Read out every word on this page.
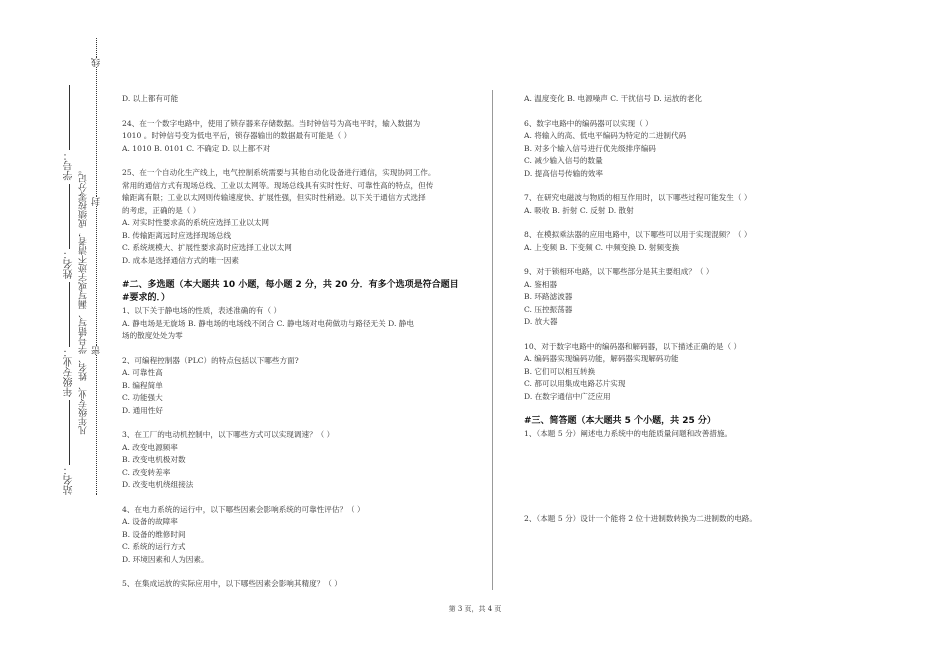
站名： 年级专业： 姓名： 学号： 凡年级专业、姓名、学号错写、漏写或字迹不清者，成绩按零分记。 密封线
D. 以上都有可能
24、在一个数字电路中，使用了锁存器来存储数据。当时钟信号为高电平时，输入数据为
1010 。时钟信号变为低电平后，锁存器输出的数据最有可能是（ ）
A. 1010 B. 0101 C. 不确定 D. 以上都不对
25、在一个自动化生产线上，电气控制系统需要与其他自动化设备进行通信，实现协同工作。
常用的通信方式有现场总线、工业以太网等。现场总线具有实时性好、可靠性高的特点，但传
输距离有限；工业以太网则传输速度快、扩展性强，但实时性稍逊。以下关于通信方式选择
的考虑，正确的是（ ）
A. 对实时性要求高的系统应选择工业以太网
B. 传输距离远时应选择现场总线
C. 系统规模大、扩展性要求高时应选择工业以太网
D. 成本是选择通信方式的唯一因素
#二、多选题（本大题共 10 小题，每小题 2 分，共 20 分．有多个选项是符合题目
#要求的．）
1、以下关于静电场的性质，表述准确的有（ ）
A. 静电场是无旋场 B. 静电场的电场线不闭合 C. 静电场对电荷做功与路径无关 D. 静电
场的散度处处为零
2、可编程控制器（PLC）的特点包括以下哪些方面?
A. 可靠性高
B. 编程简单
C. 功能强大
D. 通用性好
3、在工厂的电动机控制中，以下哪些方式可以实现调速？（ ）
A. 改变电源频率
B. 改变电机极对数
C. 改变转差率
D. 改变电机绕组接法
4、在电力系统的运行中，以下哪些因素会影响系统的可靠性评估？（ ）
A. 设备的故障率
B. 设备的维修时间
C. 系统的运行方式
D. 环境因素和人为因素。
5、在集成运放的实际应用中，以下哪些因素会影响其精度？（ ）
A. 温度变化 B. 电源噪声 C. 干扰信号 D. 运放的老化
6、数字电路中的编码器可以实现（ ）
A. 将输入的高、低电平编码为特定的二进制代码
B. 对多个输入信号进行优先级排序编码
C. 减少输入信号的数量
D. 提高信号传输的效率
7、在研究电磁波与物质的相互作用时，以下哪些过程可能发生（ ）
A. 吸收 B. 折射 C. 反射 D. 散射
8、在模拟乘法器的应用电路中，以下哪些可以用于实现混频？（ ）
A. 上变频 B. 下变频 C. 中频变换 D. 射频变换
9、对于锁相环电路，以下哪些部分是其主要组成？（ ）
A. 鉴相器
B. 环路滤波器
C. 压控振荡器
D. 放大器
10、对于数字电路中的编码器和解码器，以下描述正确的是（ ）
A. 编码器实现编码功能，解码器实现解码功能
B. 它们可以相互转换
C. 都可以用集成电路芯片实现
D. 在数字通信中广泛应用
#三、简答题（本大题共 5 个小题，共 25 分）
1、（本题 5 分）阐述电力系统中的电能质量问题和改善措施。
2、（本题 5 分）设计一个能将 2 位十进制数转换为二进制数的电路。
第 3 页，共 4 页
